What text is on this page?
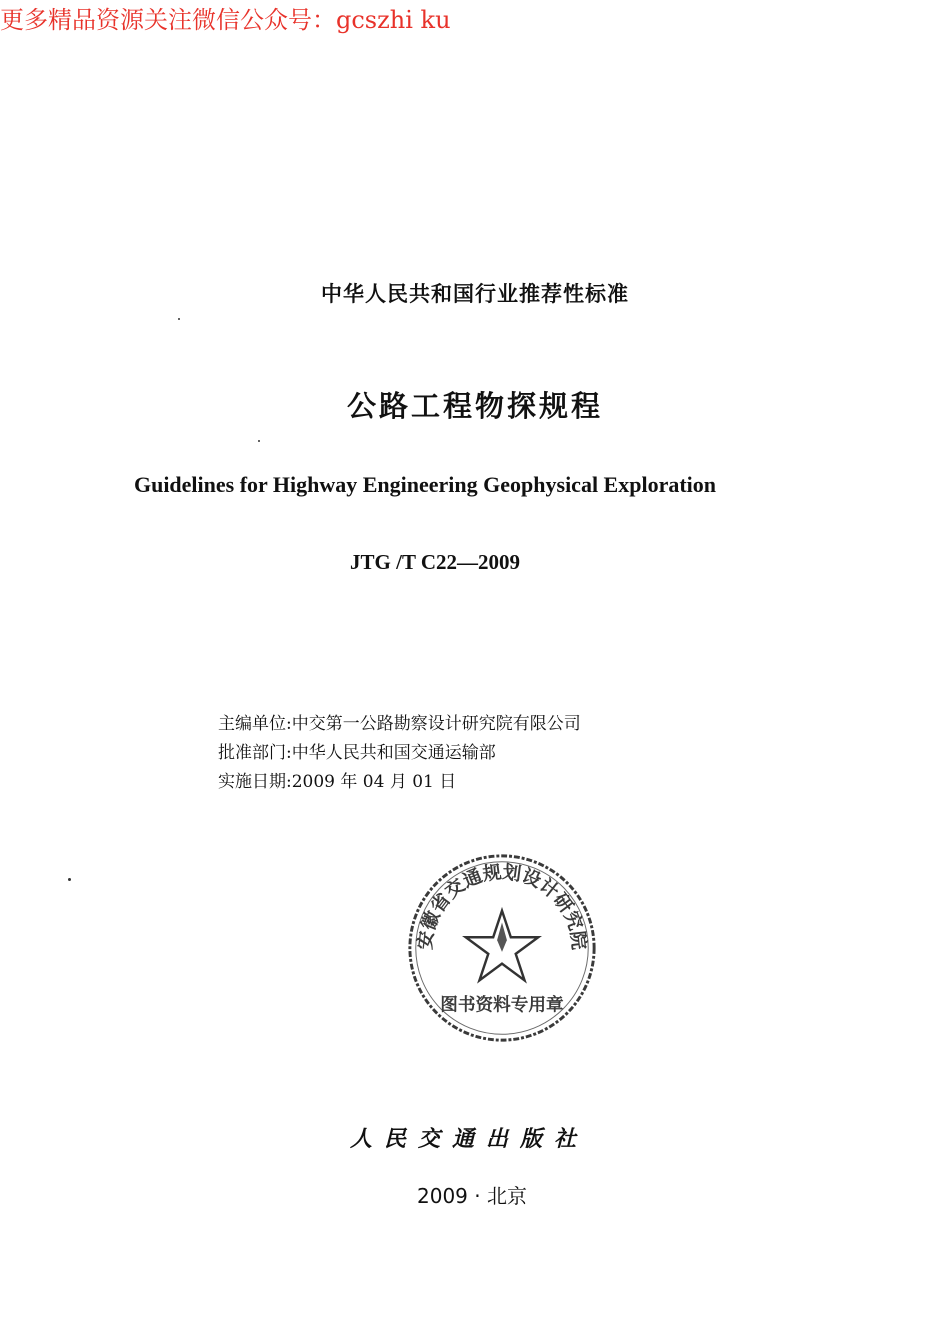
中华人民共和国行业推荐性标准
公路工程物探规程
Guidelines for Highway Engineering Geophysical Exploration
JTG /T C22—2009
更多精品资源关注微信公众号：gcszhi ku
主编单位:中交第一公路勘察设计研究院有限公司
批准部门:中华人民共和国交通运输部
实施日期:2009 年 04 月 01 日
安徽省交通规划设计研究院
图书资料专用章
人民交通出版社
2009 · 北京
